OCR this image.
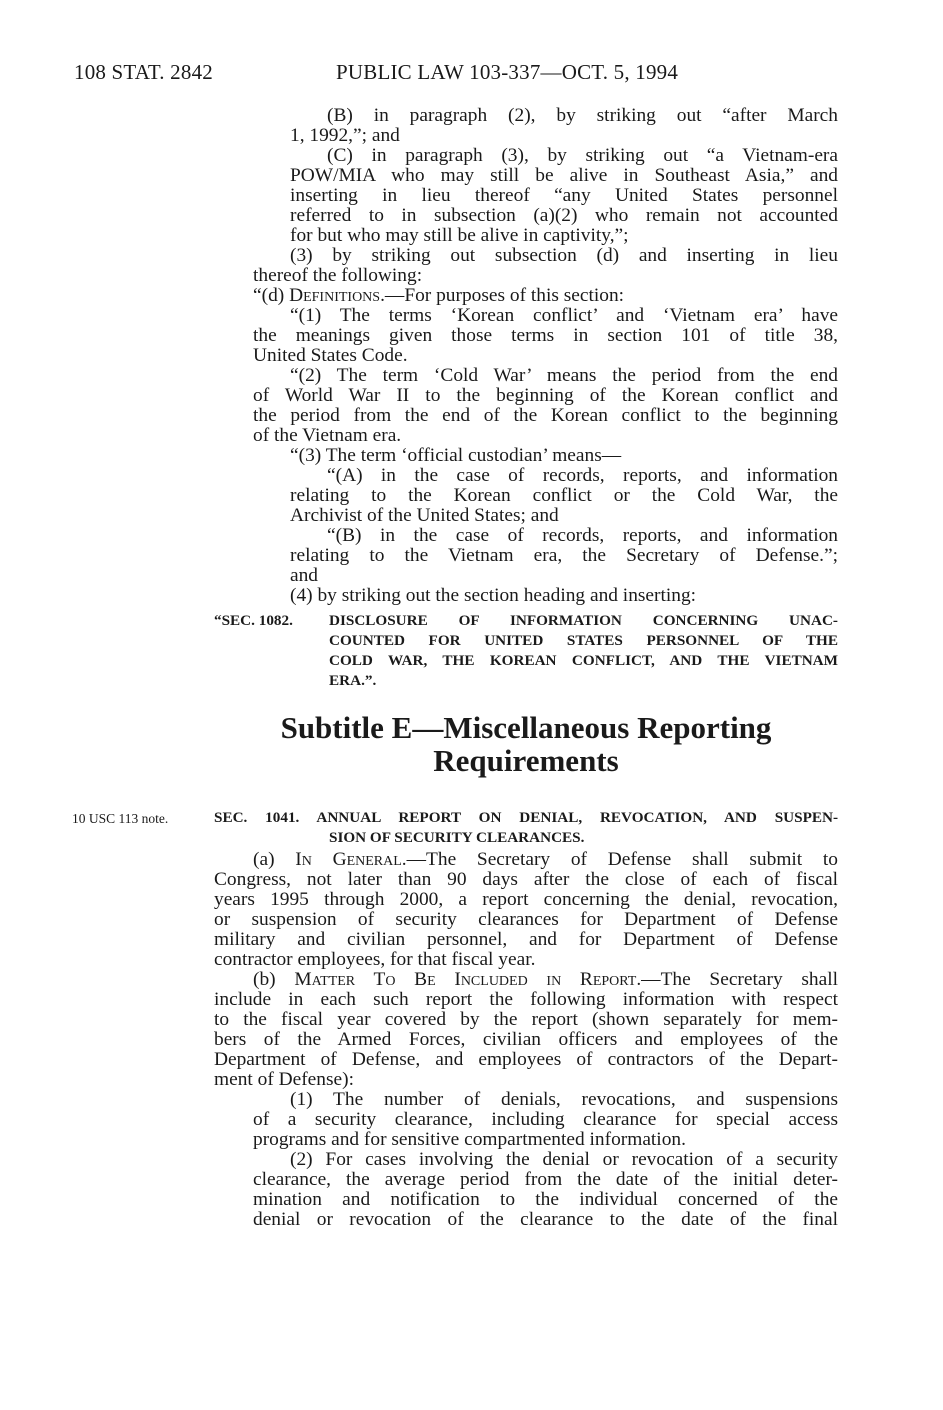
108 STAT. 2842	PUBLIC LAW 103-337—OCT. 5, 1994
(B) in paragraph (2), by striking out “after March
1, 1992,”; and
(C) in paragraph (3), by striking out “a Vietnam-era
POW/MIA who may still be alive in Southeast Asia,” and
inserting in lieu thereof “any United States personnel
referred to in subsection (a)(2) who remain not accounted
for but who may still be alive in captivity,”;
(3) by striking out subsection (d) and inserting in lieu
thereof the following:
“(d) Definitions.—For purposes of this section:
“(1) The terms ‘Korean conflict’ and ‘Vietnam era’ have
the meanings given those terms in section 101 of title 38,
United States Code.
“(2) The term ‘Cold War’ means the period from the end
of World War II to the beginning of the Korean conflict and
the period from the end of the Korean conflict to the beginning
of the Vietnam era.
“(3) The term ‘official custodian’ means—
“(A) in the case of records, reports, and information
relating to the Korean conflict or the Cold War, the
Archivist of the United States; and
“(B) in the case of records, reports, and information
relating to the Vietnam era, the Secretary of Defense.”;
and
(4) by striking out the section heading and inserting:
“SEC. 1082. DISCLOSURE OF INFORMATION CONCERNING UNAC-
COUNTED FOR UNITED STATES PERSONNEL OF THE
COLD WAR, THE KOREAN CONFLICT, AND THE VIETNAM
ERA.”.
Subtitle E—Miscellaneous Reporting
Requirements
10 USC 113 note.	SEC. 1041. ANNUAL REPORT ON DENIAL, REVOCATION, AND SUSPEN-
SION OF SECURITY CLEARANCES.
(a) In General.—The Secretary of Defense shall submit to
Congress, not later than 90 days after the close of each of fiscal
years 1995 through 2000, a report concerning the denial, revocation,
or suspension of security clearances for Department of Defense
military and civilian personnel, and for Department of Defense
contractor employees, for that fiscal year.
(b) Matter To Be Included in Report.—The Secretary shall
include in each such report the following information with respect
to the fiscal year covered by the report (shown separately for mem-
bers of the Armed Forces, civilian officers and employees of the
Department of Defense, and employees of contractors of the Depart-
ment of Defense):
(1) The number of denials, revocations, and suspensions
of a security clearance, including clearance for special access
programs and for sensitive compartmented information.
(2) For cases involving the denial or revocation of a security
clearance, the average period from the date of the initial deter-
mination and notification to the individual concerned of the
denial or revocation of the clearance to the date of the final
